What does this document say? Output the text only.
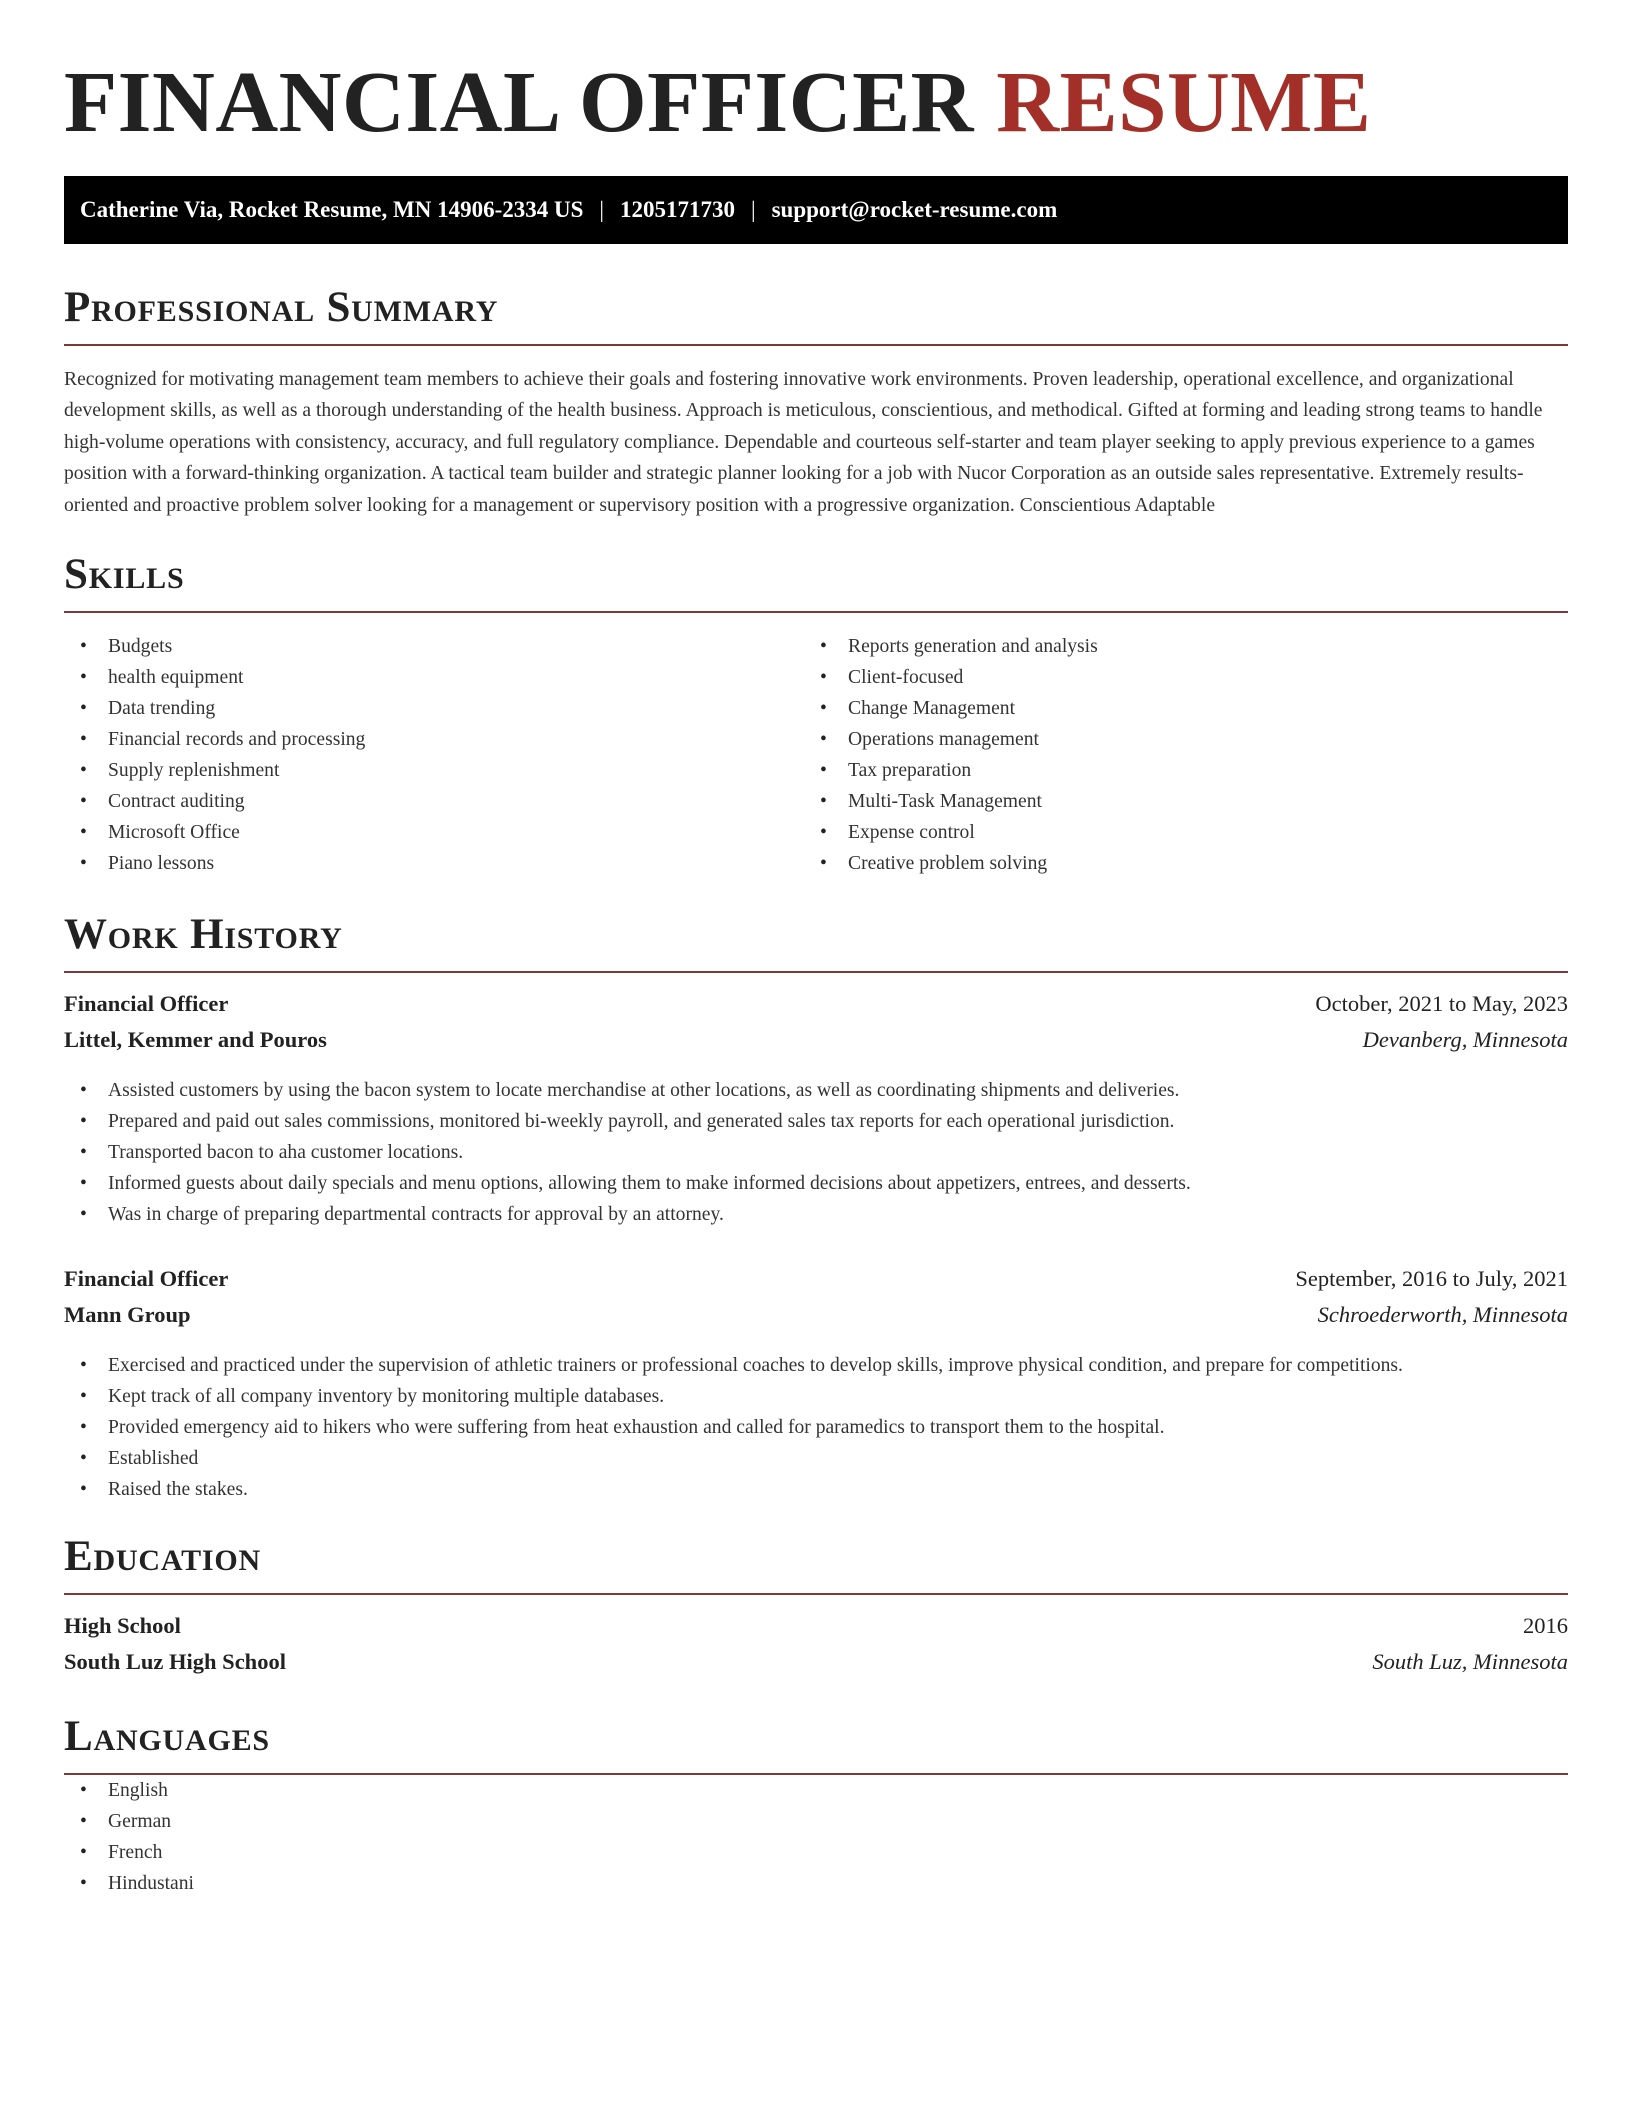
FINANCIAL OFFICER RESUME
Catherine Via, Rocket Resume, MN 14906-2334 US | 1205171730 | support@rocket-resume.com
Professional Summary

Recognized for motivating management team members to achieve their goals and fostering innovative work environments. Proven leadership, operational excellence, and organizational development skills, as well as a thorough understanding of the health business. Approach is meticulous, conscientious, and methodical. Gifted at forming and leading strong teams to handle high-volume operations with consistency, accuracy, and full regulatory compliance. Dependable and courteous self-starter and team player seeking to apply previous experience to a games position with a forward-thinking organization. A tactical team builder and strategic planner looking for a job with Nucor Corporation as an outside sales representative. Extremely results-oriented and proactive problem solver looking for a management or supervisory position with a progressive organization. Conscientious Adaptable

Skills
• Budgets
• health equipment
• Data trending
• Financial records and processing
• Supply replenishment
• Contract auditing
• Microsoft Office
• Piano lessons
• Reports generation and analysis
• Client-focused
• Change Management
• Operations management
• Tax preparation
• Multi-Task Management
• Expense control
• Creative problem solving
Work History
Financial Officer	October, 2021 to May, 2023
Littel, Kemmer and Pouros	Devanberg, Minnesota
• Assisted customers by using the bacon system to locate merchandise at other locations, as well as coordinating shipments and deliveries.
• Prepared and paid out sales commissions, monitored bi-weekly payroll, and generated sales tax reports for each operational jurisdiction.
• Transported bacon to aha customer locations.
• Informed guests about daily specials and menu options, allowing them to make informed decisions about appetizers, entrees, and desserts.
• Was in charge of preparing departmental contracts for approval by an attorney.
Financial Officer	September, 2016 to July, 2021
Mann Group	Schroederworth, Minnesota
• Exercised and practiced under the supervision of athletic trainers or professional coaches to develop skills, improve physical condition, and prepare for competitions.
• Kept track of all company inventory by monitoring multiple databases.
• Provided emergency aid to hikers who were suffering from heat exhaustion and called for paramedics to transport them to the hospital.
• Established
• Raised the stakes.
Education
High School	2016
South Luz High School	South Luz, Minnesota
Languages
• English
• German
• French
• Hindustani
